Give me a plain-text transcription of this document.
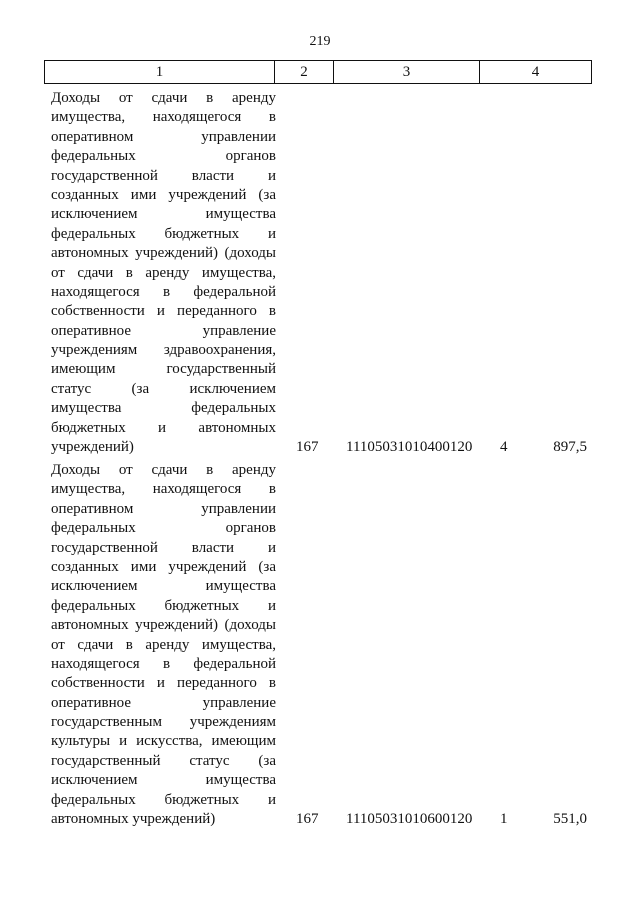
219
1	2	3	4
Доходы от сдачи в аренду
имущества, находящегося в
оперативном управлении
федеральных органов
государственной власти и
созданных ими учреждений (за
исключением имущества
федеральных бюджетных и
автономных учреждений) (доходы
от сдачи в аренду имущества,
находящегося в федеральной
собственности и переданного в
оперативное управление
учреждениям здравоохранения,
имеющим государственный
статус (за исключением
имущества федеральных
бюджетных и автономных
учреждений)	167 11105031010400120	4 897,5
Доходы от сдачи в аренду
имущества, находящегося в
оперативном управлении
федеральных органов
государственной власти и
созданных ими учреждений (за
исключением имущества
федеральных бюджетных и
автономных учреждений) (доходы
от сдачи в аренду имущества,
находящегося в федеральной
собственности и переданного в
оперативное управление
государственным учреждениям
культуры и искусства, имеющим
государственный статус (за
исключением имущества
федеральных бюджетных и
автономных учреждений)	167 11105031010600120	1 551,0
